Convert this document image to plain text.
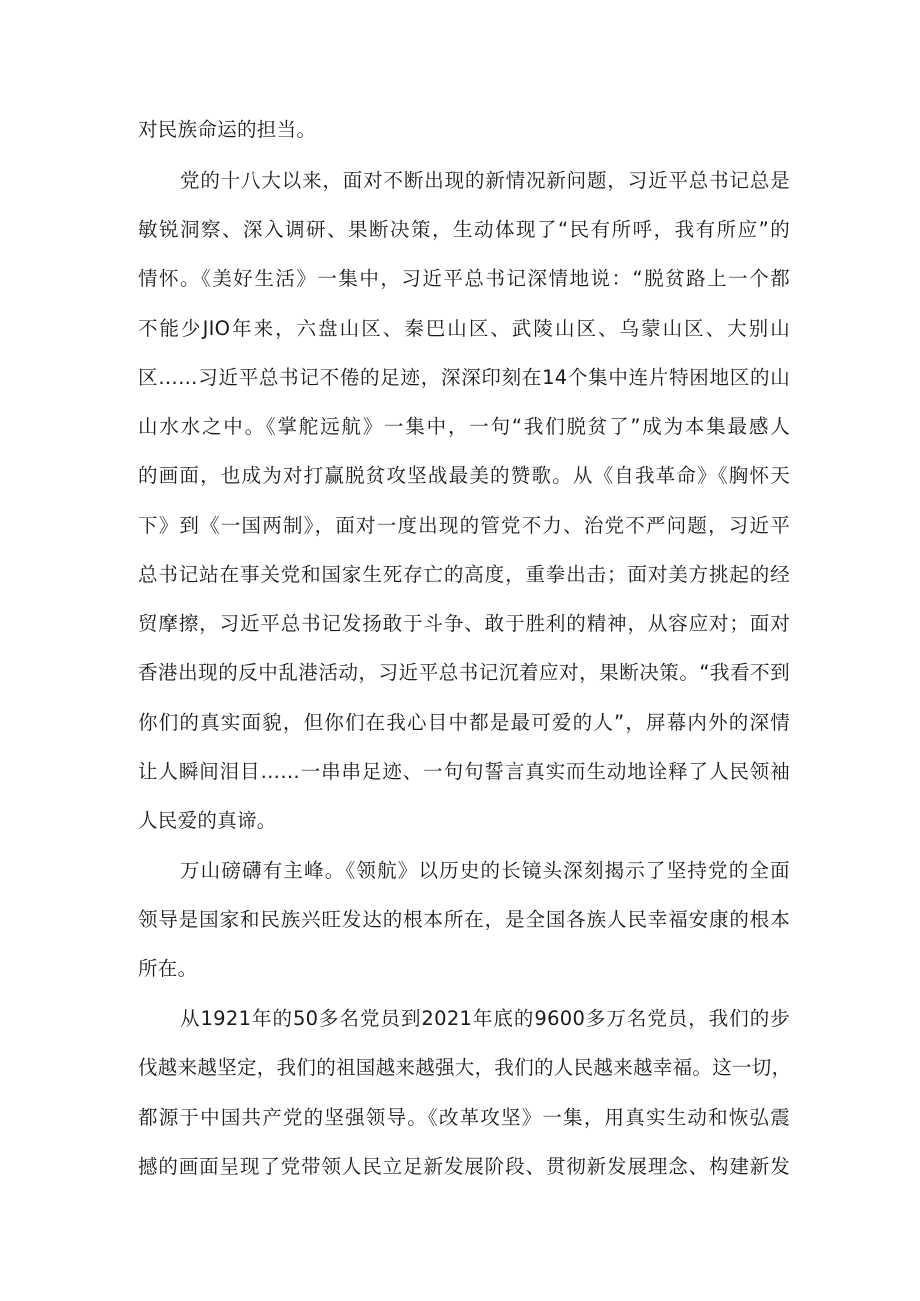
对民族命运的担当。
党的十八大以来，面对不断出现的新情况新问题，习近平总书记总是
敏锐洞察、深入调研、果断决策，生动体现了“民有所呼，我有所应”的
情怀。《美好生活》一集中，习近平总书记深情地说：“脱贫路上一个都
不能少JIO年来，六盘山区、秦巴山区、武陵山区、乌蒙山区、大别山
区……习近平总书记不倦的足迹，深深印刻在14个集中连片特困地区的山
山水水之中。《掌舵远航》一集中，一句“我们脱贫了”成为本集最感人
的画面，也成为对打赢脱贫攻坚战最美的赞歌。从《自我革命》《胸怀天
下》到《一国两制》，面对一度出现的管党不力、治党不严问题，习近平
总书记站在事关党和国家生死存亡的高度，重拳出击；面对美方挑起的经
贸摩擦，习近平总书记发扬敢于斗争、敢于胜利的精神，从容应对；面对
香港出现的反中乱港活动，习近平总书记沉着应对，果断决策。“我看不到
你们的真实面貌，但你们在我心目中都是最可爱的人”，屏幕内外的深情
让人瞬间泪目……一串串足迹、一句句誓言真实而生动地诠释了人民领袖
人民爱的真谛。
万山磅礴有主峰。《领航》以历史的长镜头深刻揭示了坚持党的全面
领导是国家和民族兴旺发达的根本所在，是全国各族人民幸福安康的根本
所在。
从1921年的50多名党员到2021年底的9600多万名党员，我们的步
伐越来越坚定，我们的祖国越来越强大，我们的人民越来越幸福。这一切，
都源于中国共产党的坚强领导。《改革攻坚》一集，用真实生动和恢弘震
撼的画面呈现了党带领人民立足新发展阶段、贯彻新发展理念、构建新发
